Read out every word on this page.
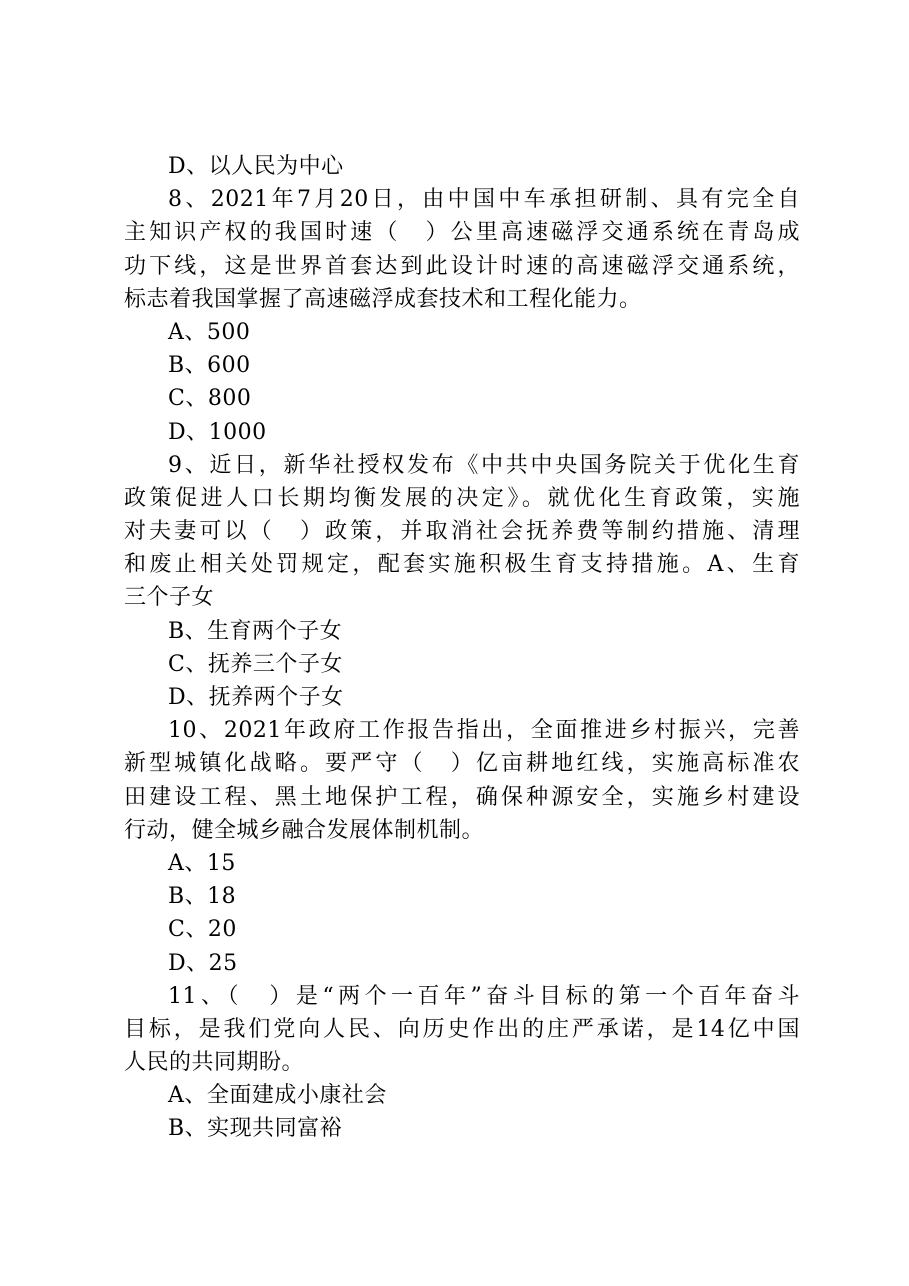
D、以人民为中心
8、2021年7月20日，由中国中车承担研制、具有完全自
主知识产权的我国时速（　）公里高速磁浮交通系统在青岛成
功下线，这是世界首套达到此设计时速的高速磁浮交通系统，
标志着我国掌握了高速磁浮成套技术和工程化能力。
A、500
B、600
C、800
D、1000
9、近日，新华社授权发布《中共中央国务院关于优化生育
政策促进人口长期均衡发展的决定》。就优化生育政策，实施
对夫妻可以（　）政策，并取消社会抚养费等制约措施、清理
和废止相关处罚规定，配套实施积极生育支持措施。A、生育
三个子女
B、生育两个子女
C、抚养三个子女
D、抚养两个子女
10、2021年政府工作报告指出，全面推进乡村振兴，完善
新型城镇化战略。要严守（　）亿亩耕地红线，实施高标准农
田建设工程、黑土地保护工程，确保种源安全，实施乡村建设
行动，健全城乡融合发展体制机制。
A、15
B、18
C、20
D、25
11、（　）是“两个一百年”奋斗目标的第一个百年奋斗
目标，是我们党向人民、向历史作出的庄严承诺，是14亿中国
人民的共同期盼。
A、全面建成小康社会
B、实现共同富裕
